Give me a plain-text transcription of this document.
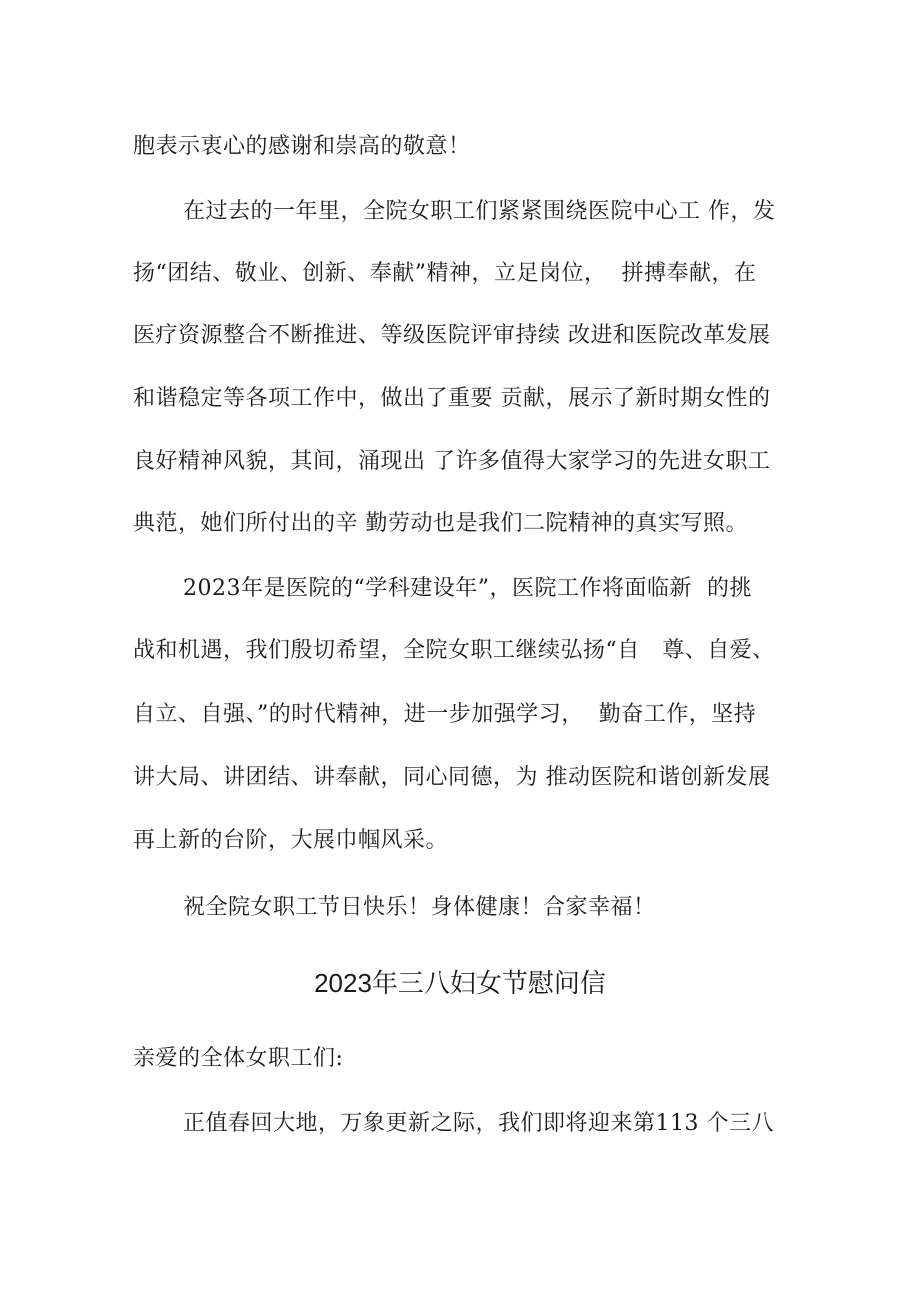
胞表示衷心的感谢和崇高的敬意！
在过去的一年里，全院女职工们紧紧围绕医院中心工 作，发
扬“团结、敬业、创新、奉献”精神，立足岗位，  拼搏奉献，在
医疗资源整合不断推进、等级医院评审持续 改进和医院改革发展
和谐稳定等各项工作中，做出了重要 贡献，展示了新时期女性的
良好精神风貌，其间，涌现出 了许多值得大家学习的先进女职工
典范，她们所付出的辛 勤劳动也是我们二院精神的真实写照。
2023年是医院的“学科建设年”，医院工作将面临新  的挑
战和机遇，我们殷切希望，全院女职工继续弘扬“自   尊、自爱、
自立、自强、”的时代精神，进一步加强学习，  勤奋工作，坚持
讲大局、讲团结、讲奉献，同心同德，为 推动医院和谐创新发展
再上新的台阶，大展巾帼风采。
祝全院女职工节日快乐！身体健康！合家幸福！
2023年三八妇女节慰问信
亲爱的全体女职工们:
正值春回大地，万象更新之际，我们即将迎来第113 个三八
